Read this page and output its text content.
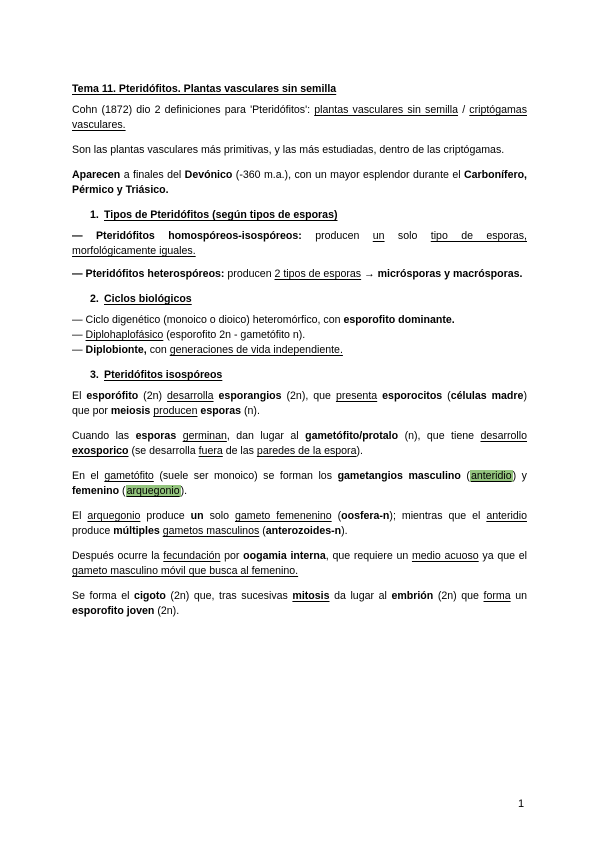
Tema 11. Pteridófitos. Plantas vasculares sin semilla

Cohn (1872) dio 2 definiciones para 'Pteridófitos': plantas vasculares sin semilla / criptógamas vasculares.

Son las plantas vasculares más primitivas, y las más estudiadas, dentro de las criptógamas.

Aparecen a finales del Devónico (-360 m.a.), con un mayor esplendor durante el Carbonífero, Pérmico y Triásico.

1. Tipos de Pteridófitos (según tipos de esporas)

— Pteridófitos homospóreos-isospóreos: producen un solo tipo de esporas, morfológicamente iguales.

— Pteridófitos heterospóreos: producen 2 tipos de esporas → micrósporas y macrósporas.

2. Ciclos biológicos

— Ciclo digenético (monoico o dioico) heteromórfico, con esporofito dominante.

— Diplohaplofásico (esporofito 2n - gametófito n).

— Diplobionte, con generaciones de vida independiente.

3. Pteridófitos isospóreos

El esporófito (2n) desarrolla esporangios (2n), que presenta esporocitos (células madre) que por meiosis producen esporas (n).

Cuando las esporas germinan, dan lugar al gametófito/protalo (n), que tiene desarrollo exosporico (se desarrolla fuera de las paredes de la espora).

En el gametófito (suele ser monoico) se forman los gametangios masculino (anteridio) y femenino (arquegonio).

El arquegonio produce un solo gameto femenenino (oosfera-n); mientras que el anteridio produce múltiples gametos masculinos (anterozoides-n).

Después ocurre la fecundación por oogamia interna, que requiere un medio acuoso ya que el gameto masculino móvil que busca al femenino.

Se forma el cigoto (2n) que, tras sucesivas mitosis da lugar al embrión (2n) que forma un esporofito joven (2n).

1
